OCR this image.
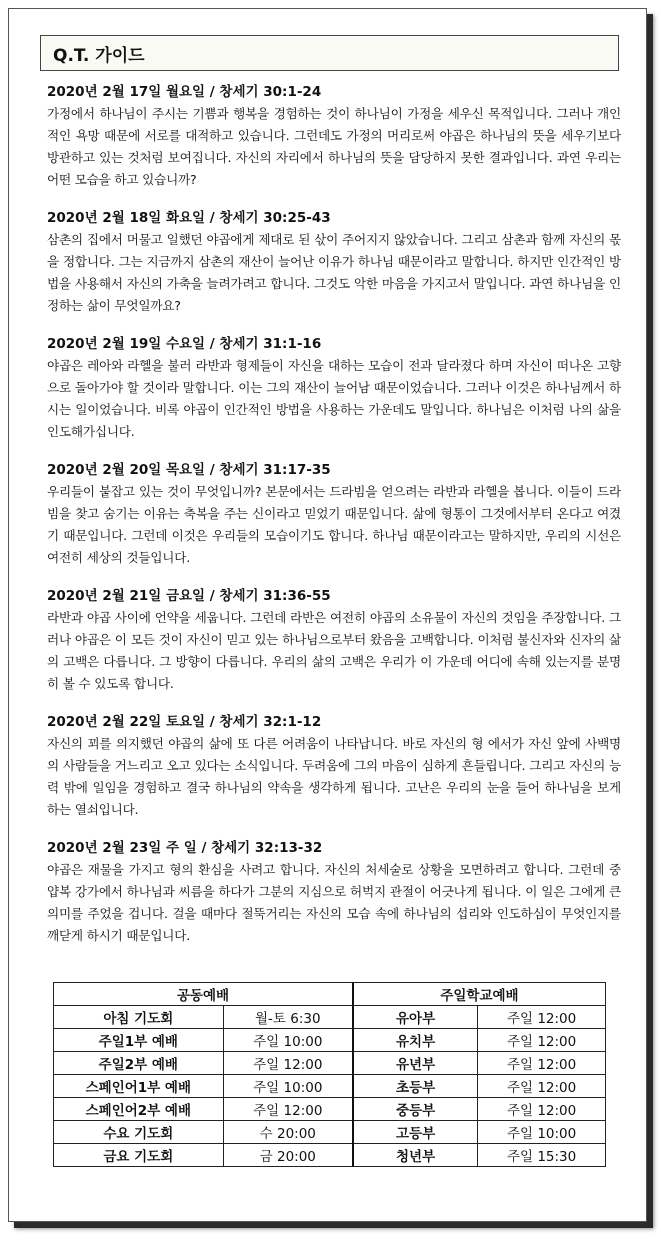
Q.T. 가이드
2020년 2월 17일 월요일 / 창세기 30:1-24
가정에서 하나님이 주시는 기쁨과 행복을 경험하는 것이 하나님이 가정을 세우신 목적입니다. 그러나 개인적인 욕망 때문에 서로를 대적하고 있습니다. 그런데도 가정의 머리로써 야곱은 하나님의 뜻을 세우기보다 방관하고 있는 것처럼 보여집니다. 자신의 자리에서 하나님의 뜻을 담당하지 못한 결과입니다. 과연 우리는 어떤 모습을 하고 있습니까?
2020년 2월 18일 화요일 / 창세기 30:25-43
삼촌의 집에서 머물고 일했던 야곱에게 제대로 된 삯이 주어지지 않았습니다. 그리고 삼촌과 함께 자신의 몫을 정합니다. 그는 지금까지 삼촌의 재산이 늘어난 이유가 하나님 때문이라고 말합니다. 하지만 인간적인 방법을 사용해서 자신의 가축을 늘려가려고 합니다. 그것도 악한 마음을 가지고서 말입니다. 과연 하나님을 인정하는 삶이 무엇일까요?
2020년 2월 19일 수요일 / 창세기 31:1-16
야곱은 레아와 라헬을 불러 라반과 형제들이 자신을 대하는 모습이 전과 달라졌다 하며 자신이 떠나온 고향으로 돌아가야 할 것이라 말합니다. 이는 그의 재산이 늘어남 때문이었습니다. 그러나 이것은 하나님께서 하시는 일이었습니다. 비록 야곱이 인간적인 방법을 사용하는 가운데도 말입니다. 하나님은 이처럼 나의 삶을 인도해가십니다.
2020년 2월 20일 목요일 / 창세기 31:17-35
우리들이 붙잡고 있는 것이 무엇입니까? 본문에서는 드라빔을 얻으려는 라반과 라헬을 봅니다. 이들이 드라빔을 찾고 숨기는 이유는 축복을 주는 신이라고 믿었기 때문입니다. 삶에 형통이 그것에서부터 온다고 여겼기 때문입니다. 그런데 이것은 우리들의 모습이기도 합니다. 하나님 때문이라고는 말하지만, 우리의 시선은 여전히 세상의 것들입니다.
2020년 2월 21일 금요일 / 창세기 31:36-55
라반과 야곱 사이에 언약을 세웁니다. 그런데 라반은 여전히 야곱의 소유물이 자신의 것임을 주장합니다. 그러나 야곱은 이 모든 것이 자신이 믿고 있는 하나님으로부터 왔음을 고백합니다. 이처럼 불신자와 신자의 삶의 고백은 다릅니다. 그 방향이 다릅니다. 우리의 삶의 고백은 우리가 이 가운데 어디에 속해 있는지를 분명히 볼 수 있도록 합니다.
2020년 2월 22일 토요일 / 창세기 32:1-12
자신의 꾀를 의지했던 야곱의 삶에 또 다른 어려움이 나타납니다. 바로 자신의 형 에서가 자신 앞에 사백명의 사람들을 거느리고 오고 있다는 소식입니다. 두려움에 그의 마음이 심하게 흔들립니다. 그리고 자신의 능력 밖에 일임을 경험하고 결국 하나님의 약속을 생각하게 됩니다. 고난은 우리의 눈을 들어 하나님을 보게 하는 열쇠입니다.
2020년 2월 23일 주 일 / 창세기 32:13-32
야곱은 재물을 가지고 형의 환심을 사려고 합니다. 자신의 처세술로 상황을 모면하려고 합니다. 그런데 중 얍복 강가에서 하나님과 씨름을 하다가 그분의 지심으로 허벅지 관절이 어긋나게 됩니다. 이 일은 그에게 큰 의미를 주었을 겁니다. 걸을 때마다 절뚝거리는 자신의 모습 속에 하나님의 섭리와 인도하심이 무엇인지를 깨닫게 하시기 때문입니다.
공동예배		주일학교예배	
아침 기도회	월-토 6:30	유아부	주일 12:00
주일1부 예배	주일 10:00	유치부	주일 12:00
주일2부 예배	주일 12:00	유년부	주일 12:00
스페인어1부 예배	주일 10:00	초등부	주일 12:00
스페인어2부 예배	주일 12:00	중등부	주일 12:00
수요 기도회	수 20:00	고등부	주일 10:00
금요 기도회	금 20:00	청년부	주일 15:30
